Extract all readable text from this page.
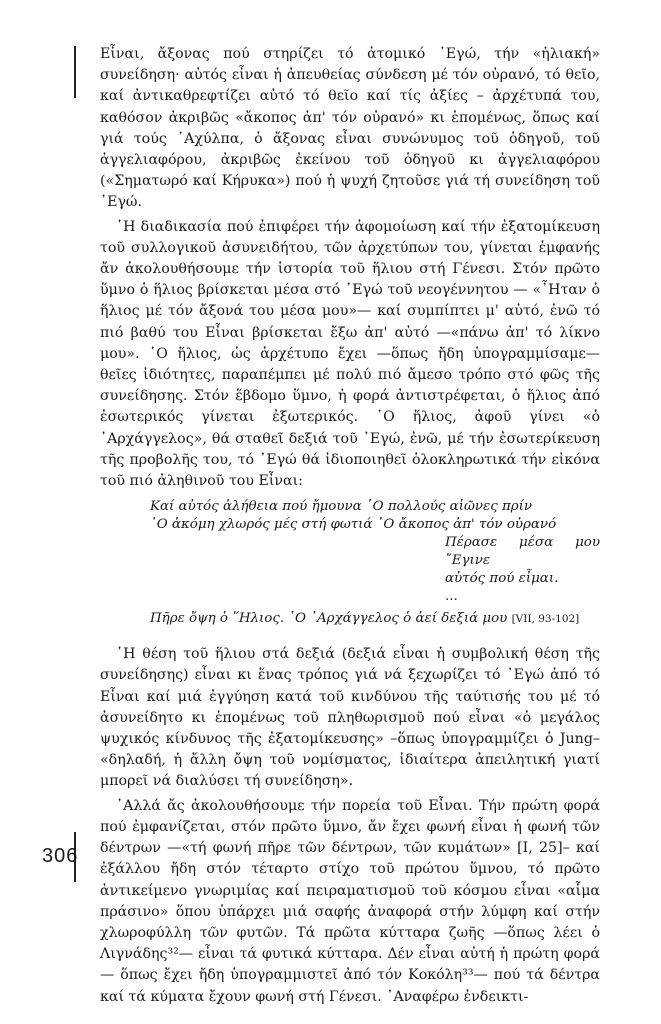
306

Εἶναι, ἄξονας πού στηρίζει τό ἀτομικό ᾿Εγώ, τήν «ἡλιακή» συνείδηση· αὐτός εἶναι ἡ ἀπευθείας σύνδεση μέ τόν οὐρανό, τό θεῖο, καί ἀντικαθρεφτίζει αὐτό τό θεῖο καί τίς ἀξίες – ἀρχέτυπά του, καθόσον ἀκριβῶς «ἄκοπος ἀπ' τόν οὐρανό» κι ἑπομένως, ὅπως καί γιά τούς ᾿Αχύλπα, ὁ ἄξονας εἶναι συνώνυμος τοῦ ὁδηγοῦ, τοῦ ἀγγελιαφόρου, ἀκριβῶς ἐκείνου τοῦ ὁδηγοῦ κι ἀγγελιαφόρου («Σηματωρό καί Κήρυκα») πού ἡ ψυχή ζητοῦσε γιά τή συνείδηση τοῦ ᾿Εγώ.

῾Η διαδικασία πού ἐπιφέρει τήν ἀφομοίωση καί τήν ἐξατομίκευση τοῦ συλλογικοῦ ἀσυνειδήτου, τῶν ἀρχετύπων του, γίνεται ἐμφανής ἄν ἀκολουθήσουμε τήν ἱστορία τοῦ ἥλιου στή Γένεσι. Στόν πρῶτο ὕμνο ὁ ἥλιος βρίσκεται μέσα στό ᾿Εγώ τοῦ νεογέννητου — «῏Ηταν ὁ ἥλιος μέ τόν ἄξονά του μέσα μου»— καί συμπίπτει μ' αὐτό, ἐνῶ τό πιό βαθύ του Εἶναι βρίσκεται ἔξω ἀπ' αὐτό —«πάνω ἀπ' τό λίκνο μου». ῾Ο ἥλιος, ὡς ἀρχέτυπο ἔχει —ὅπως ἤδη ὑπογραμμίσαμε— θεῖες ἰδιότητες, παραπέμπει μέ πολύ πιό ἄμεσο τρόπο στό φῶς τῆς συνείδησης. Στόν ἕβδομο ὕμνο, ἡ φορά ἀντιστρέφεται, ὁ ἥλιος ἀπό ἐσωτερικός γίνεται ἐξωτερικός. ῾Ο ἥλιος, ἀφοῦ γίνει «ὁ ᾿Αρχάγγελος», θά σταθεῖ δεξιά τοῦ ᾿Εγώ, ἐνῶ, μέ τήν ἐσωτερίκευση τῆς προβολῆς του, τό ᾿Εγώ θά ἰδιοποιηθεῖ ὁλοκληρωτικά τήν εἰκόνα τοῦ πιό ἀληθινοῦ του Εἶναι:

Καί αὐτός ἀλήθεια πού ἤμουνα ῾Ο πολλούς αἰῶνες πρίν
῾Ο ἀκόμη χλωρός μές στή φωτιά ῾Ο ἄκοπος ἀπ' τόν οὐρανό
Πέρασε μέσα μου ῎Εγινε
αὐτός πού εἶμαι.
...
Πῆρε ὄψη ὁ ῞Ηλιος. ῾Ο ᾿Αρχάγγελος ὁ ἀεί δεξιά μου [VII, 93-102]

῾Η θέση τοῦ ἥλιου στά δεξιά (δεξιά εἶναι ἡ συμβολική θέση τῆς συνείδησης) εἶναι κι ἕνας τρόπος γιά νά ξεχωρίζει τό ᾿Εγώ ἀπό τό Εἶναι καί μιά ἐγγύηση κατά τοῦ κινδύνου τῆς ταύτισής του μέ τό ἀσυνείδητο κι ἑπομένως τοῦ πληθωρισμοῦ πού εἶναι «ὁ μεγάλος ψυχικός κίνδυνος τῆς ἐξατομίκευσης» –ὅπως ὑπογραμμίζει ὁ Jung– «δηλαδή, ἡ ἄλλη ὄψη τοῦ νομίσματος, ἰδιαίτερα ἀπειλητική γιατί μπορεῖ νά διαλύσει τή συνείδηση».

᾿Αλλά ἄς ἀκολουθήσουμε τήν πορεία τοῦ Εἶναι. Τήν πρώτη φορά πού ἐμφανίζεται, στόν πρῶτο ὕμνο, ἄν ἔχει φωνή εἶναι ἡ φωνή τῶν δέντρων —«τή φωνή πῆρε τῶν δέντρων, τῶν κυμάτων» [I, 25]– καί ἐξάλλου ἤδη στόν τέταρτο στίχο τοῦ πρώτου ὕμνου, τό πρῶτο ἀντικείμενο γνωριμίας καί πειραματισμοῦ τοῦ κόσμου εἶναι «αἷμα πράσινο» ὅπου ὑπάρχει μιά σαφής ἀναφορά στήν λύμφη καί στήν χλωροφύλλη τῶν φυτῶν. Τά πρῶτα κύτταρα ζωῆς —ὅπως λέει ὁ Λιγνάδης³²— εἶναι τά φυτικά κύτταρα. Δέν εἶναι αὐτή ἡ πρώτη φορά— ὅπως ἔχει ἤδη ὑπογραμμιστεῖ ἀπό τόν Κοκόλη³³— πού τά δέντρα καί τά κύματα ἔχουν φωνή στή Γένεσι. ᾿Αναφέρω ἐνδεικτι-
